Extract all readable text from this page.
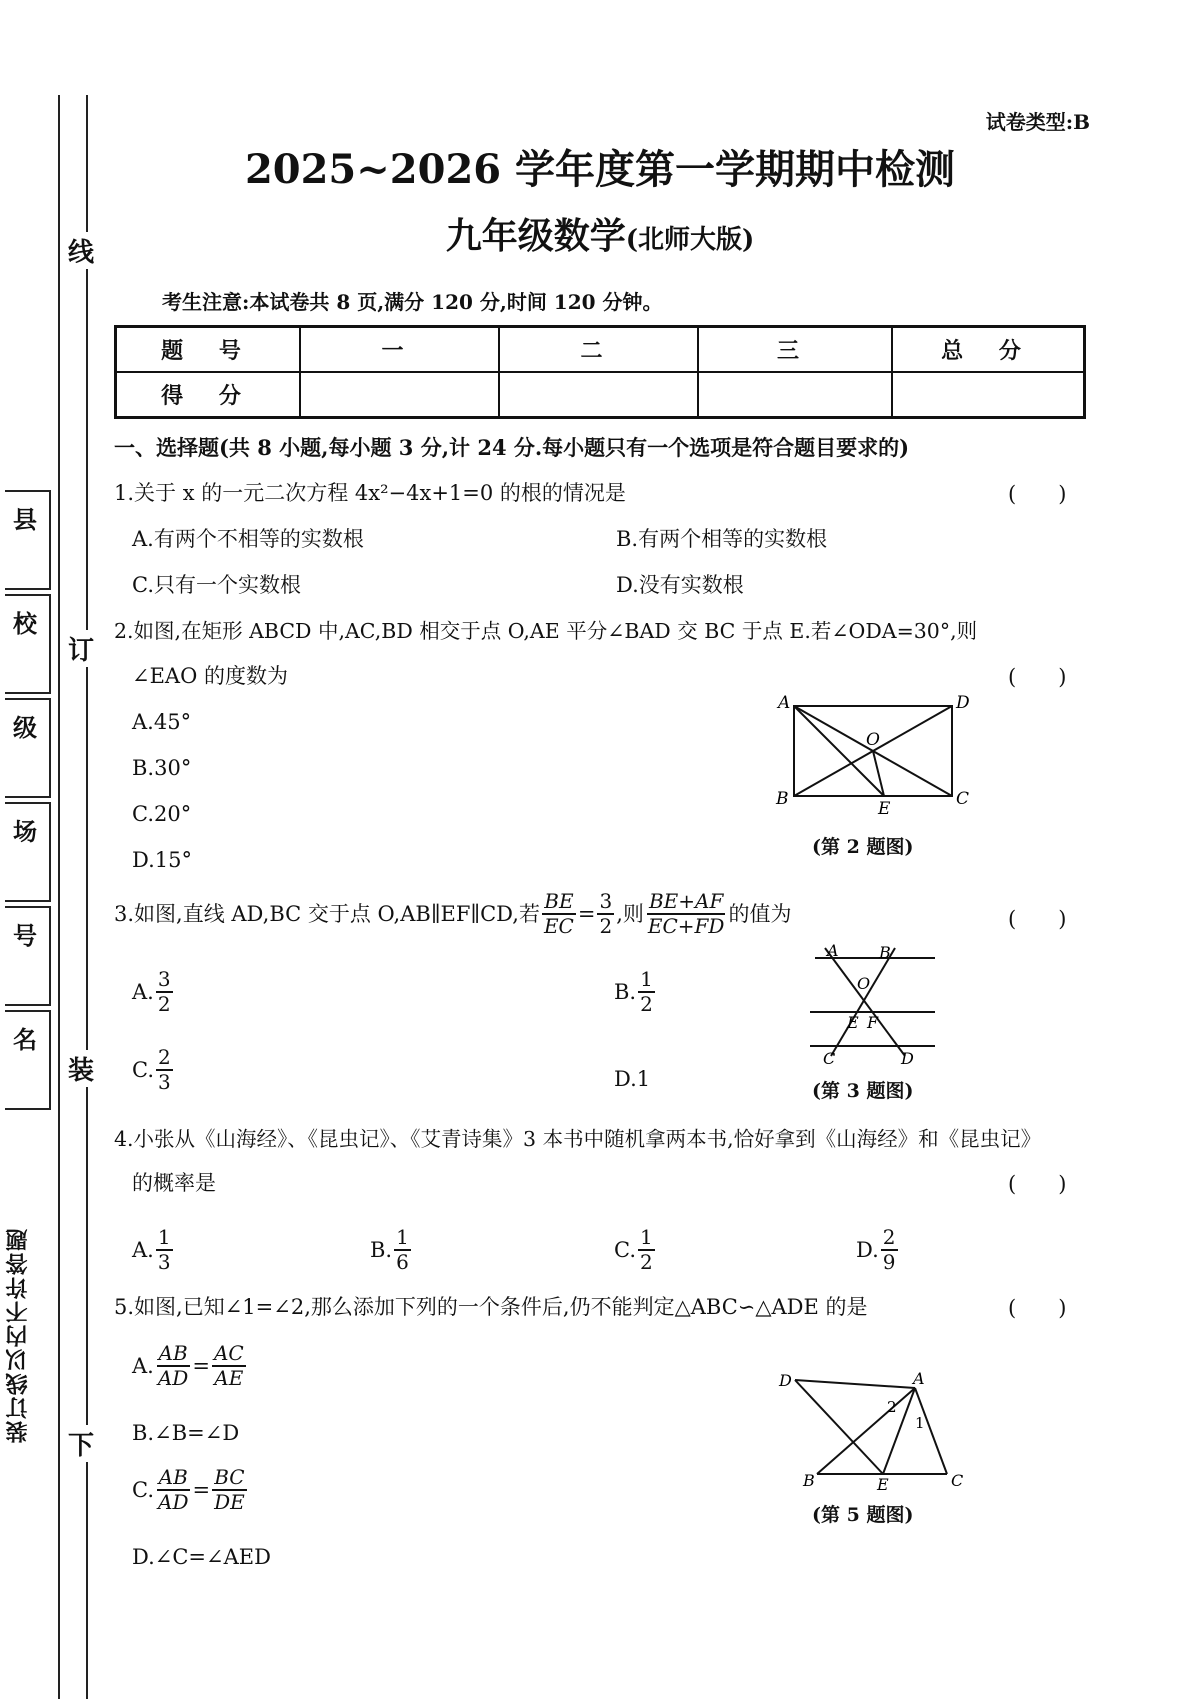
线
订
装
下
县
校
级
场
号
名
装订线以内不许答题
试卷类型:B
2025~2026 学年度第一学期期中检测
九年级数学(北师大版)
考生注意:本试卷共 8 页,满分 120 分,时间 120 分钟。
题 号	一	二	三	总 分
得 分				
一、选择题(共 8 小题,每小题 3 分,计 24 分.每小题只有一个选项是符合题目要求的)
1.关于 x 的一元二次方程 4x²−4x+1=0 的根的情况是	(　　)
A.有两个不相等的实数根	B.有两个相等的实数根
C.只有一个实数根	D.没有实数根
2.如图,在矩形 ABCD 中,AC,BD 相交于点 O,AE 平分∠BAD 交 BC 于点 E.若∠ODA=30°,则
∠EAO 的度数为	(　　)
A.45°
B.30°
C.20°
D.15°
A	D
O
B	E	C
(第 2 题图)
3.如图,直线 AD,BC 交于点 O,AB∥EF∥CD,若 $\frac{BE}{EC} = \frac{3}{2}$ ,则 $\frac{BE+AF}{EC+FD}$ 的值为	(　　)
A. $\frac{3}{2}$	B. $\frac{1}{2}$
C. $\frac{2}{3}$	D.1
A	B
O
E F
C	D
(第 3 题图)
4.小张从《山海经》、《昆虫记》、《艾青诗集》3 本书中随机拿两本书,恰好拿到《山海经》和《昆虫记》
的概率是	(　　)
A. $\frac{1}{3}$	B. $\frac{1}{6}$	C. $\frac{1}{2}$	D. $\frac{2}{9}$
5.如图,已知∠1=∠2,那么添加下列的一个条件后,仍不能判定△ABC∽△ADE 的是	(　　)
A. $\frac{AB}{AD} = \frac{AC}{AE}$
B.∠B=∠D
C. $\frac{AB}{AD} = \frac{BC}{DE}$
D.∠C=∠AED
D	A
2
1
B	E	C
(第 5 题图)
